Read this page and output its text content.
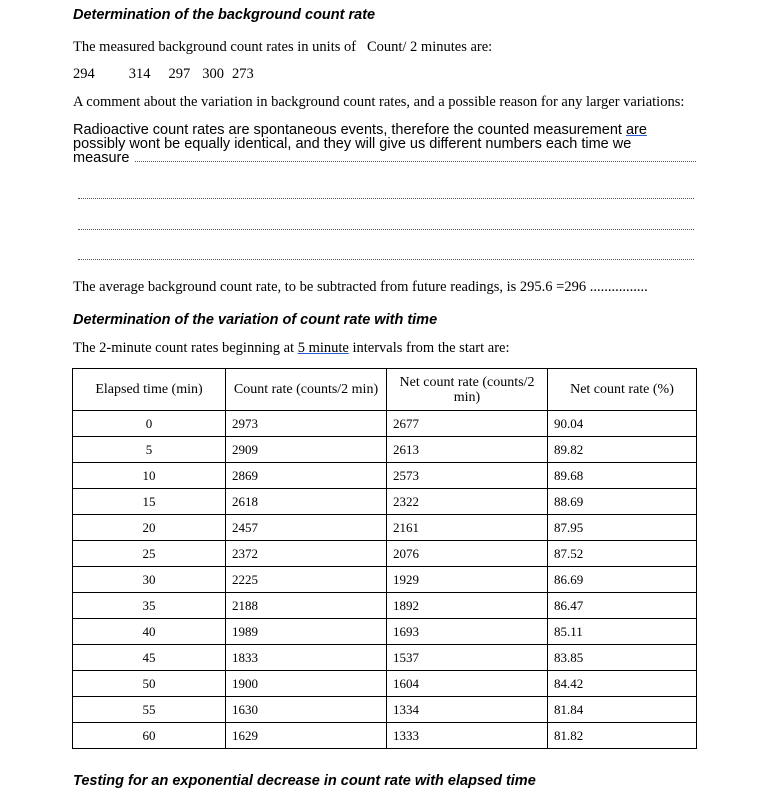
Determination of the background count rate
The measured background count rates in units of   Count/ 2 minutes are:
294 314 297 300 273
A comment about the variation in background count rates, and a possible reason for any larger variations:
Radioactive count rates are spontaneous events, therefore the counted measurement are
possibly wont be equally identical, and they will give us different numbers each time we
measure
The average background count rate, to be subtracted from future readings, is 295.6 =296 ................
Determination of the variation of count rate with time
The 2-minute count rates beginning at 5 minute intervals from the start are:
Elapsed time (min)	Count rate (counts/2 min)	Net count rate (counts/2 min)	Net count rate (%)
0	2973	2677	90.04
5	2909	2613	89.82
10	2869	2573	89.68
15	2618	2322	88.69
20	2457	2161	87.95
25	2372	2076	87.52
30	2225	1929	86.69
35	2188	1892	86.47
40	1989	1693	85.11
45	1833	1537	83.85
50	1900	1604	84.42
55	1630	1334	81.84
60	1629	1333	81.82
Testing for an exponential decrease in count rate with elapsed time
